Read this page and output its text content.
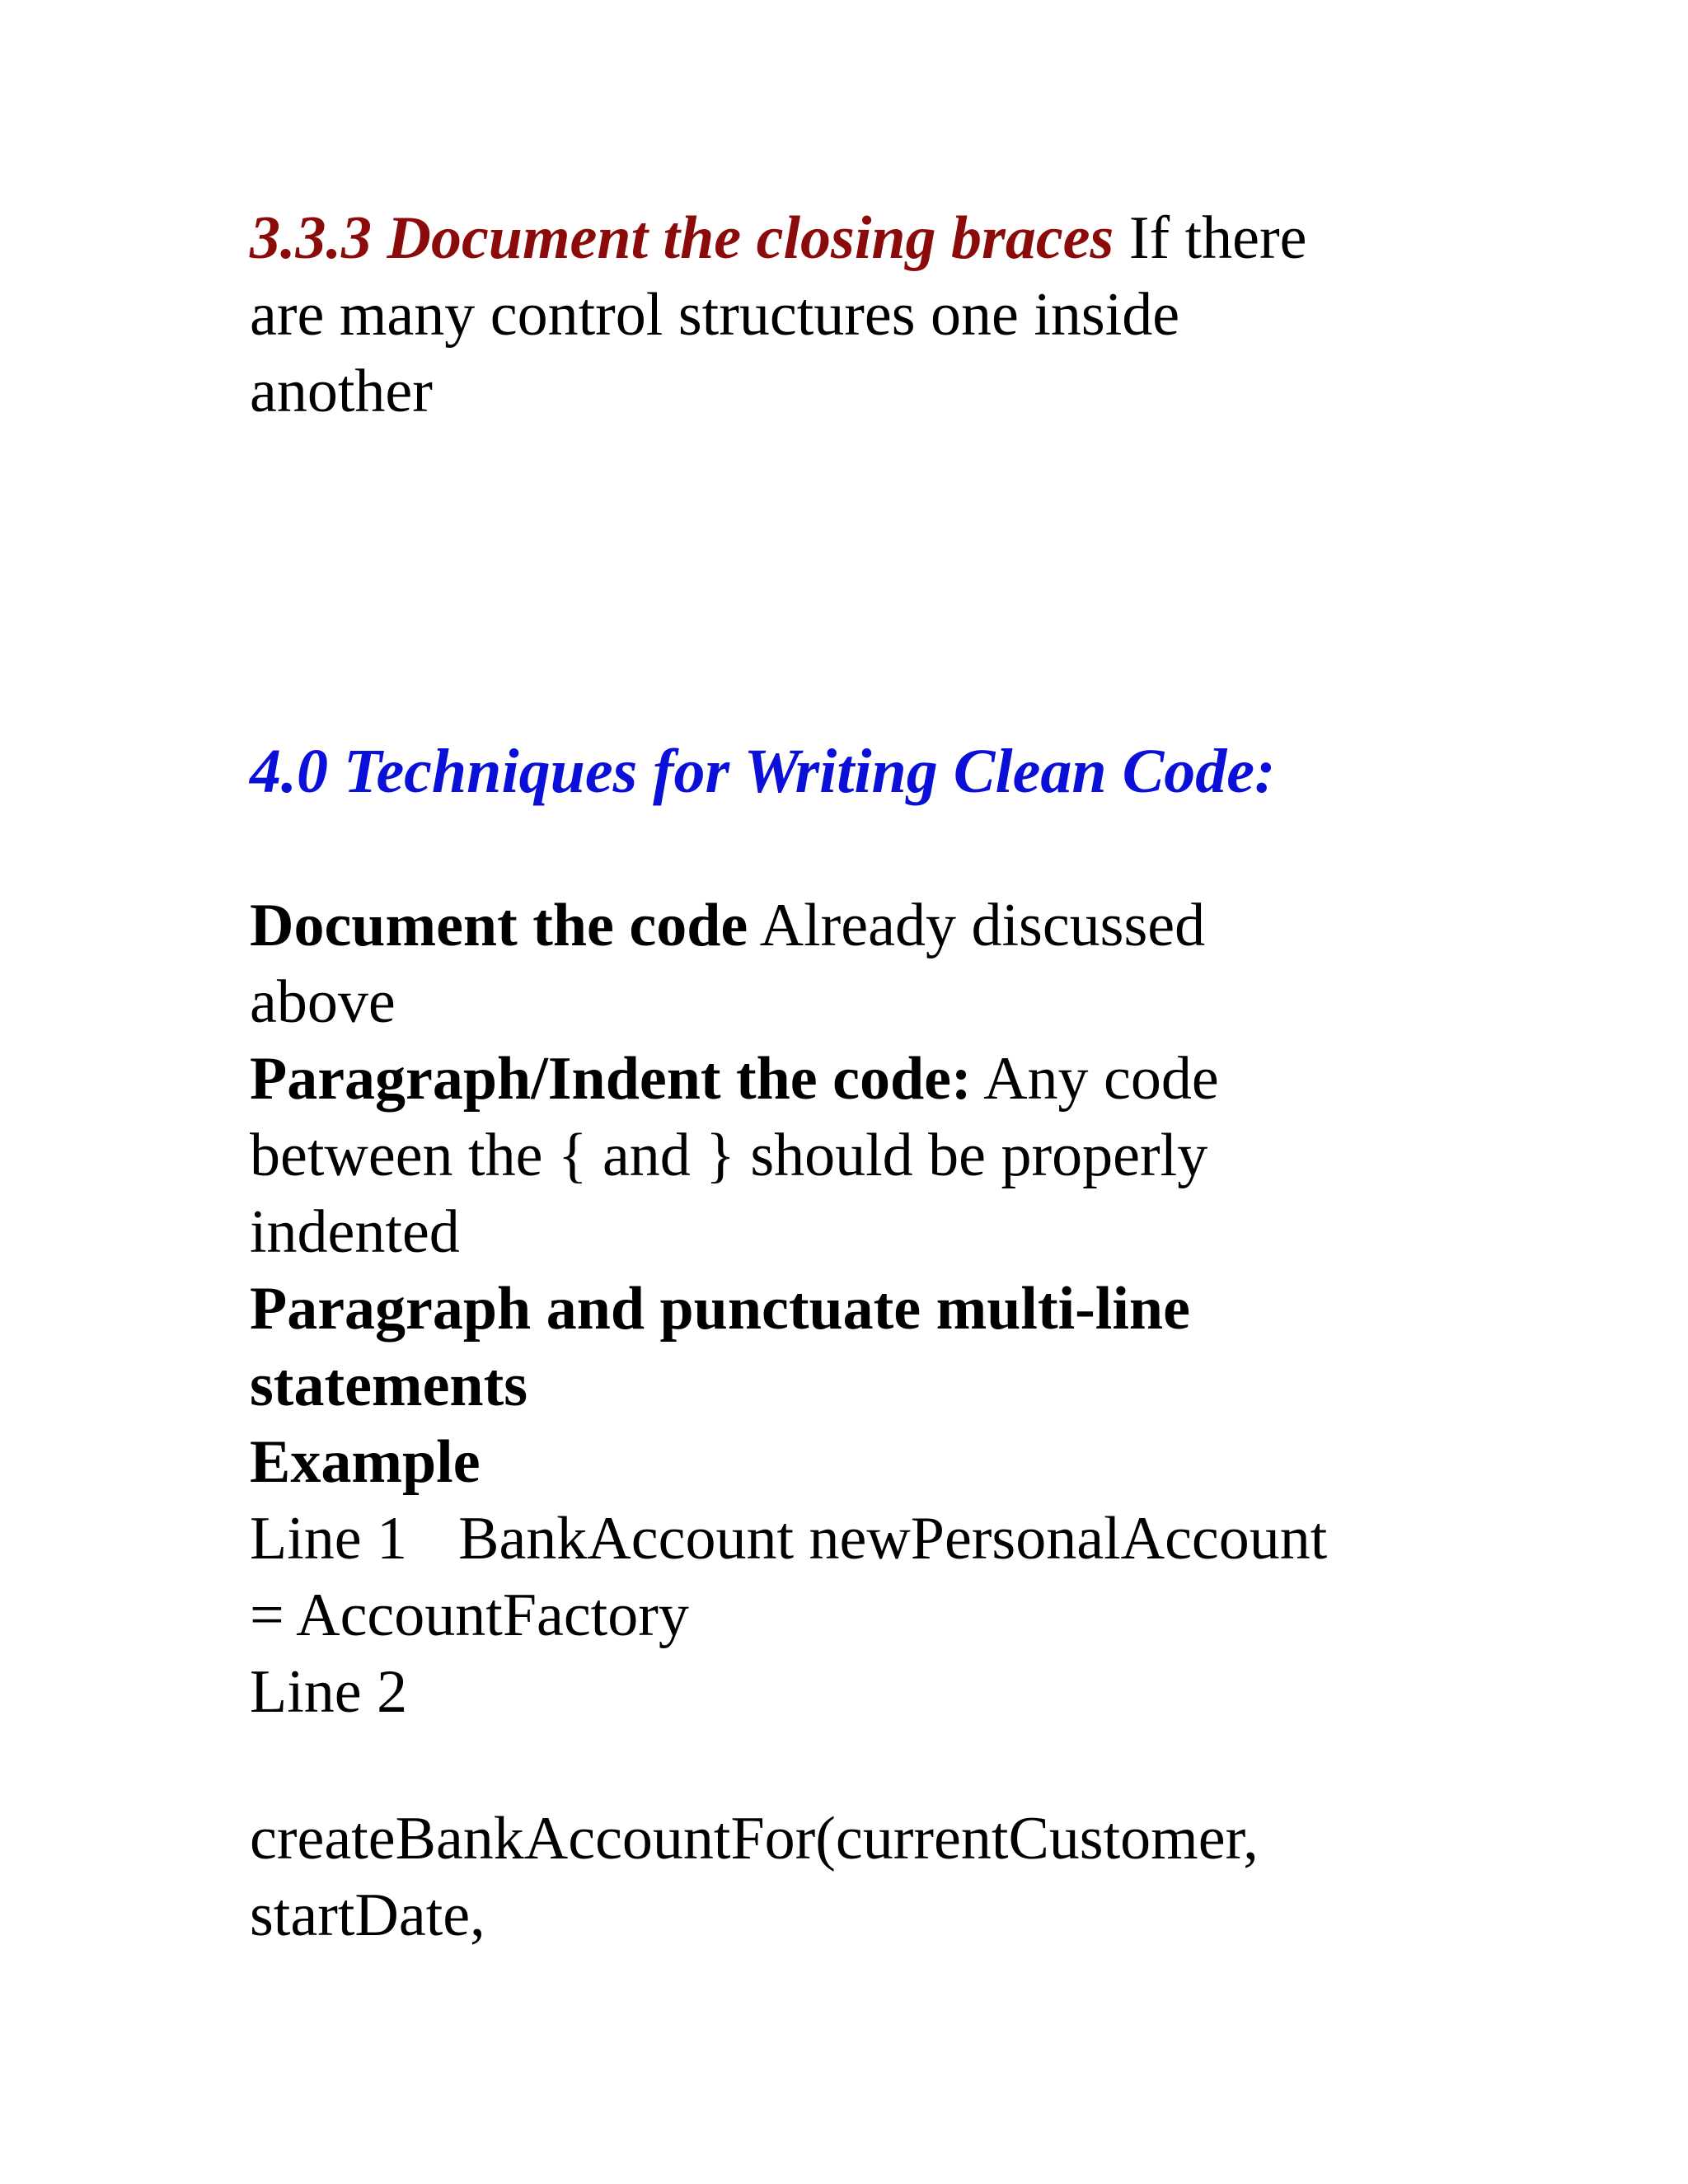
3.3.3 Document the closing braces If there
are many control structures one inside
another
4.0 Techniques for Writing Clean Code:
Document the code Already discussed
above
Paragraph/Indent the code: Any code
between the { and } should be properly
indented
Paragraph and punctuate multi-line
statements
Example
Line 1 BankAccount newPersonalAccount
= AccountFactory
Line 2
createBankAccountFor(currentCustomer,
startDate,
